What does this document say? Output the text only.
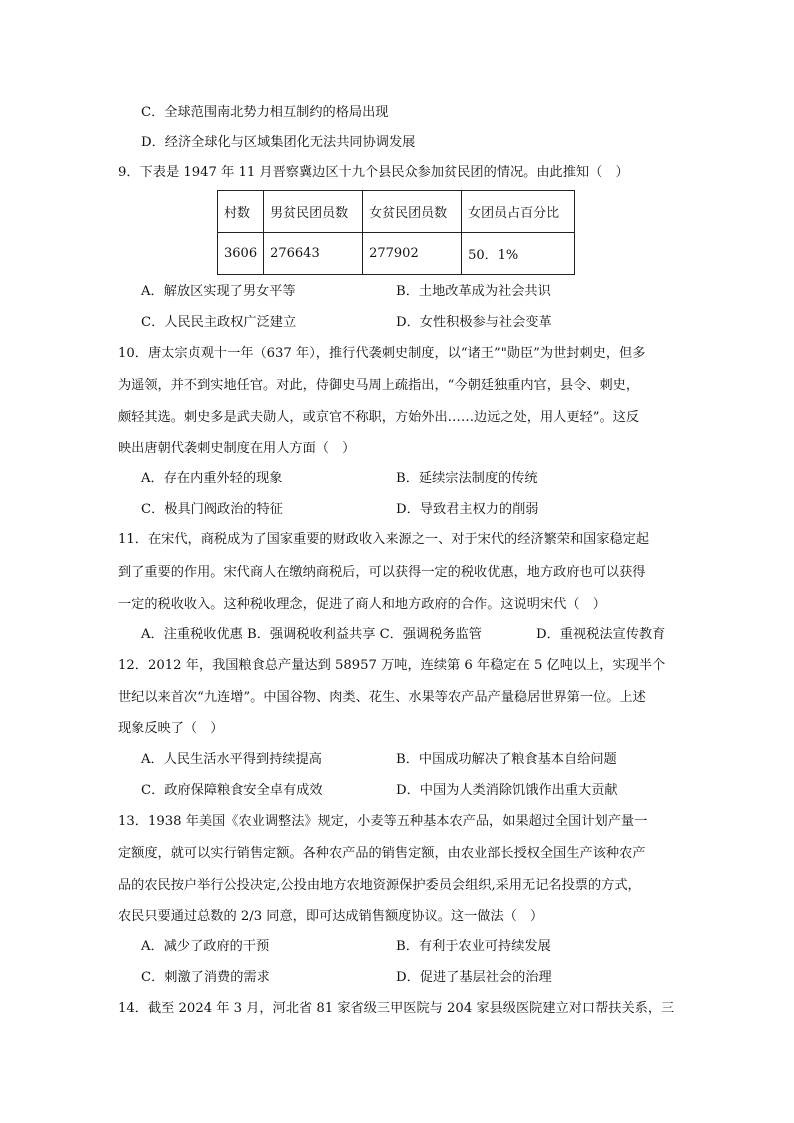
C．全球范围南北势力相互制约的格局出现
D．经济全球化与区域集团化无法共同协调发展
9．下表是 1947 年 11 月晋察冀边区十九个县民众参加贫民团的情况。由此推知（　）
村数	男贫民团员数	女贫民团员数	女团员占百分比
3606	276643	277902	50．1%
A．解放区实现了男女平等	B．土地改革成为社会共识
C．人民民主政权广泛建立	D．女性积极参与社会变革
10．唐太宗贞观十一年（637 年），推行代袭刺史制度，以“诸王”"勋臣”为世封刺史，但多
为遥领，并不到实地任官。对此，侍御史马周上疏指出，“今朝廷独重内官，县令、刺史，
颇轻其选。刺史多是武夫勋人，或京官不称职，方始外出……边远之处，用人更轻”。这反
映出唐朝代袭刺史制度在用人方面（　）
A．存在内重外轻的现象	B．延续宗法制度的传统
C．极具门阀政治的特征	D．导致君主权力的削弱
11．在宋代，商税成为了国家重要的财政收入来源之一、对于宋代的经济繁荣和国家稳定起
到了重要的作用。宋代商人在缴纳商税后，可以获得一定的税收优惠，地方政府也可以获得
一定的税收收入。这种税收理念，促进了商人和地方政府的合作。这说明宋代（　）
A．注重税收优惠 B．强调税收利益共享 C．强调税务监管	D．重视税法宣传教育
12．2012 年，我国粮食总产量达到 58957 万吨，连续第 6 年稳定在 5 亿吨以上，实现半个
世纪以来首次“九连增”。中国谷物、肉类、花生、水果等农产品产量稳居世界第一位。上述
现象反映了（　）
A．人民生活水平得到持续提高	B．中国成功解决了粮食基本自给问题
C．政府保障粮食安全卓有成效	D．中国为人类消除饥饿作出重大贡献
13．1938 年美国《农业调整法》规定，小麦等五种基本农产品，如果超过全国计划产量一
定额度，就可以实行销售定额。各种农产品的销售定额，由农业部长授权全国生产该种农产
品的农民按户举行公投决定,公投由地方农地资源保护委员会组织,采用无记名投票的方式，
农民只要通过总数的 2/3 同意，即可达成销售额度协议。这一做法（　）
A．减少了政府的干预	B．有利于农业可持续发展
C．刺激了消费的需求	D．促进了基层社会的治理
14．截至 2024 年 3 月，河北省 81 家省级三甲医院与 204 家县级医院建立对口帮扶关系，三
